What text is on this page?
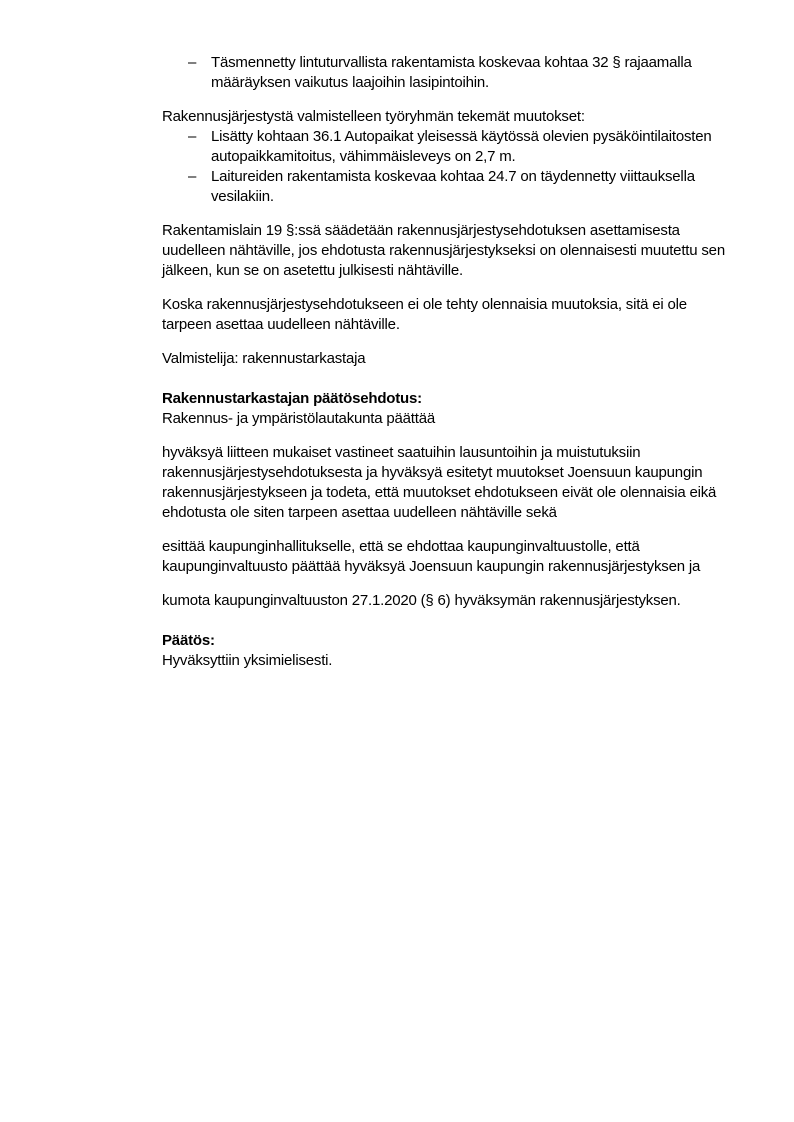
– Täsmennetty lintuturvallista rakentamista koskevaa kohtaa 32 § rajaamalla
määräyksen vaikutus laajoihin lasipintoihin.
Rakennusjärjestystä valmistelleen työryhmän tekemät muutokset:
– Lisätty kohtaan 36.1 Autopaikat yleisessä käytössä olevien pysäköintilaitosten
autopaikkamitoitus, vähimmäisleveys on 2,7 m.
– Laitureiden rakentamista koskevaa kohtaa 24.7 on täydennetty viittauksella
vesilakiin.
Rakentamislain 19 §:ssä säädetään rakennusjärjestysehdotuksen asettamisesta
uudelleen nähtäville, jos ehdotusta rakennusjärjestykseksi on olennaisesti muutettu sen
jälkeen, kun se on asetettu julkisesti nähtäville.
Koska rakennusjärjestysehdotukseen ei ole tehty olennaisia muutoksia, sitä ei ole
tarpeen asettaa uudelleen nähtäville.
Valmistelija: rakennustarkastaja
Rakennustarkastajan päätösehdotus:
Rakennus- ja ympäristölautakunta päättää
hyväksyä liitteen mukaiset vastineet saatuihin lausuntoihin ja muistutuksiin
rakennusjärjestysehdotuksesta ja hyväksyä esitetyt muutokset Joensuun kaupungin
rakennusjärjestykseen ja todeta, että muutokset ehdotukseen eivät ole olennaisia eikä
ehdotusta ole siten tarpeen asettaa uudelleen nähtäville sekä
esittää kaupunginhallitukselle, että se ehdottaa kaupunginvaltuustolle, että
kaupunginvaltuusto päättää hyväksyä Joensuun kaupungin rakennusjärjestyksen ja
kumota kaupunginvaltuuston 27.1.2020 (§ 6) hyväksymän rakennusjärjestyksen.
Päätös:
Hyväksyttiin yksimielisesti.
